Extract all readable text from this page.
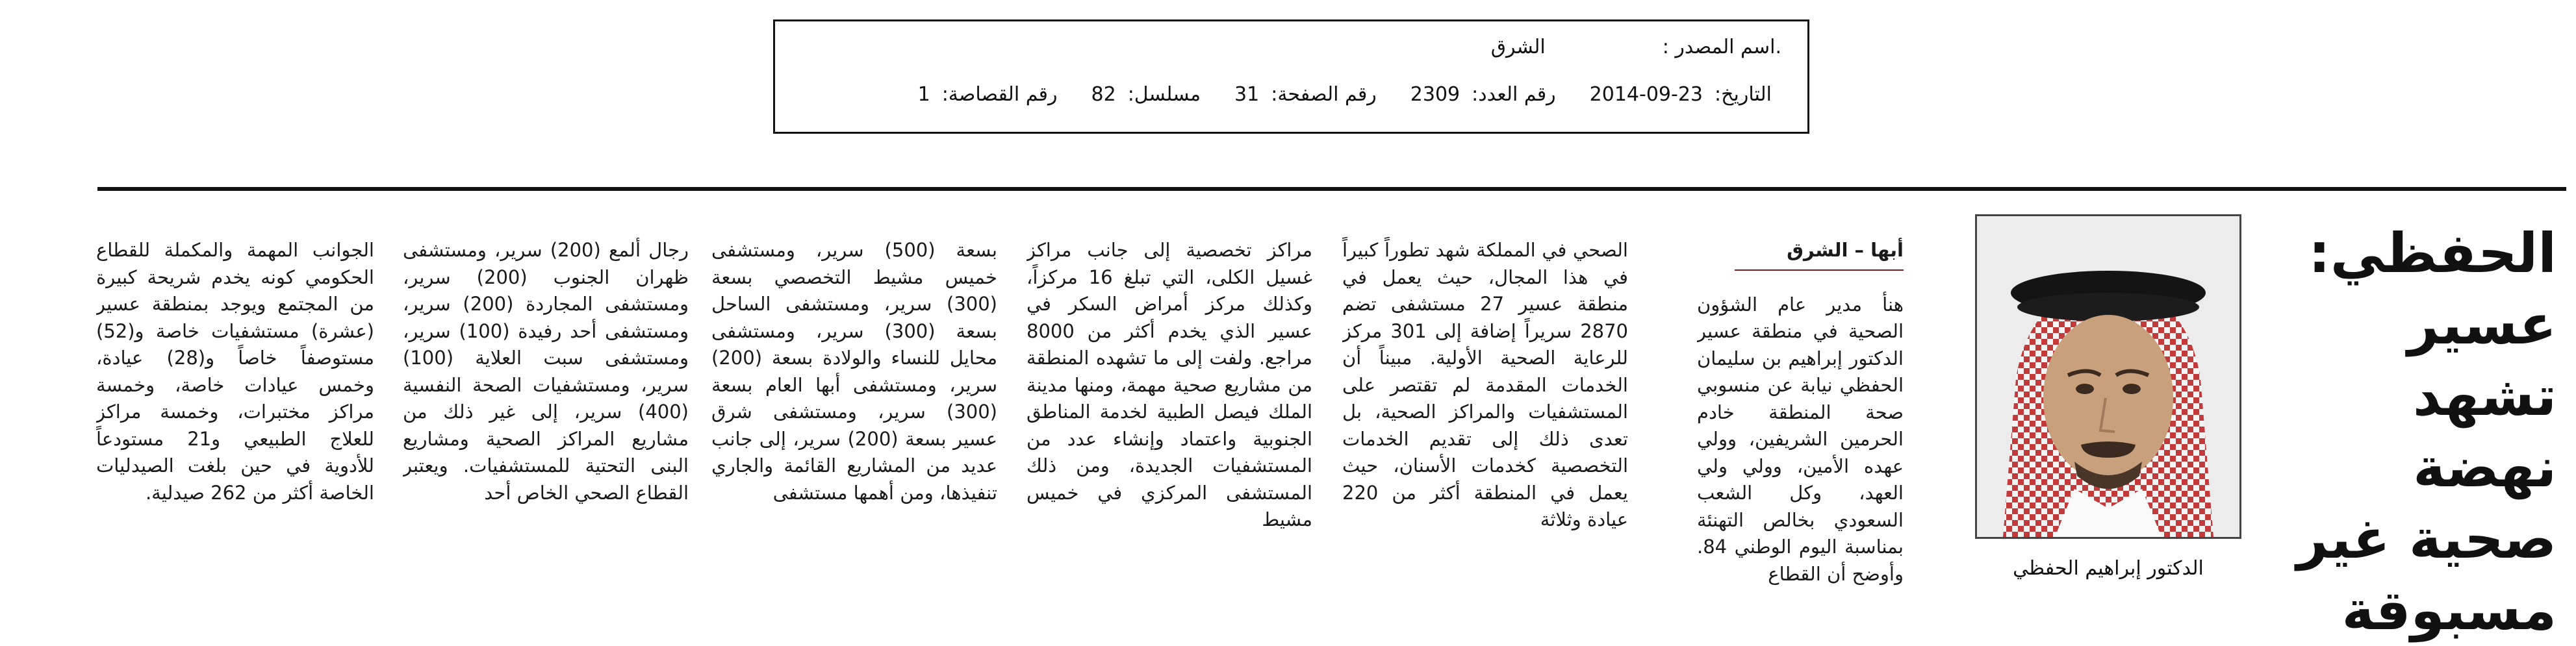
.اسم المصدر :
الشرق
التاريخ:
2014-09-23
رقم العدد:
2309
رقم الصفحة:
31
مسلسل:
82
رقم القصاصة:
1
الحفظي: عسير تشهد نهضة صحية غير مسبوقة
الدكتور إبراهيم الحفظي
أبها – الشرق

هنأ مدير عام الشؤون الصحية في منطقة عسير الدكتور إبراهيم بن سليمان الحفظي نيابة عن منسوبي صحة المنطقة خادم الحرمين الشريفين، وولي عهده الأمين، وولي ولي العهد، وكل الشعب السعودي بخالص التهنئة بمناسبة اليوم الوطني 84. وأوضح أن القطاع

الصحي في المملكة شهد تطوراً كبيراً في هذا المجال، حيث يعمل في منطقة عسير 27 مستشفى تضم 2870 سريراً إضافة إلى 301 مركز للرعاية الصحية الأولية. مبيناً أن الخدمات المقدمة لم تقتصر على المستشفيات والمراكز الصحية، بل تعدى ذلك إلى تقديم الخدمات التخصصية كخدمات الأسنان، حيث يعمل في المنطقة أكثر من 220 عيادة وثلاثة

مراكز تخصصية إلى جانب مراكز غسيل الكلى، التي تبلغ 16 مركزاً، وكذلك مركز أمراض السكر في عسير الذي يخدم أكثر من 8000 مراجع. ولفت إلى ما تشهده المنطقة من مشاريع صحية مهمة، ومنها مدينة الملك فيصل الطبية لخدمة المناطق الجنوبية واعتماد وإنشاء عدد من المستشفيات الجديدة، ومن ذلك المستشفى المركزي في خميس مشيط

بسعة (500) سرير، ومستشفى خميس مشيط التخصصي بسعة (300) سرير، ومستشفى الساحل بسعة (300) سرير، ومستشفى محايل للنساء والولادة بسعة (200) سرير، ومستشفى أبها العام بسعة (300) سرير، ومستشفى شرق عسير بسعة (200) سرير، إلى جانب عديد من المشاريع القائمة والجاري تنفيذها، ومن أهمها مستشفى

رجال ألمع (200) سرير، ومستشفى ظهران الجنوب (200) سرير، ومستشفى المجاردة (200) سرير، ومستشفى أحد رفيدة (100) سرير، ومستشفى سبت العلاية (100) سرير، ومستشفيات الصحة النفسية (400) سرير، إلى غير ذلك من مشاريع المراكز الصحية ومشاريع البنى التحتية للمستشفيات. ويعتبر القطاع الصحي الخاص أحد

الجوانب المهمة والمكملة للقطاع الحكومي كونه يخدم شريحة كبيرة من المجتمع ويوجد بمنطقة عسير (عشرة) مستشفيات خاصة و(52) مستوصفاً خاصاً و(28) عيادة، وخمس عيادات خاصة، وخمسة مراكز مختبرات، وخمسة مراكز للعلاج الطبيعي و21 مستودعاً للأدوية في حين بلغت الصيدليات الخاصة أكثر من 262 صيدلية.
